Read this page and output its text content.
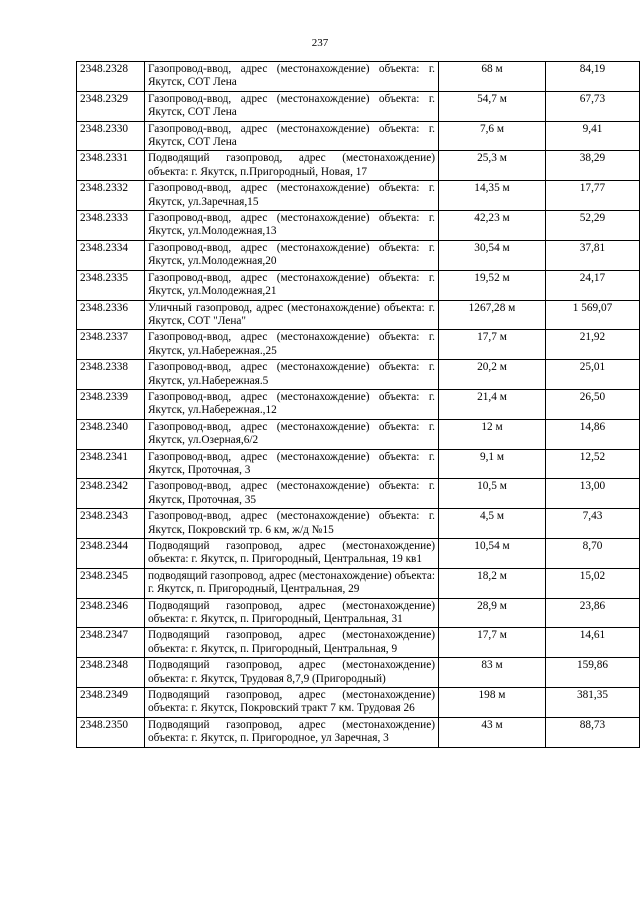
237
2348.2328	Газопровод-ввод, адрес (местонахождение) объекта: г. Якутск, СОТ Лена	68 м	84,19
2348.2329	Газопровод-ввод, адрес (местонахождение) объекта: г. Якутск, СОТ Лена	54,7 м	67,73
2348.2330	Газопровод-ввод, адрес (местонахождение) объекта: г. Якутск, СОТ Лена	7,6 м	9,41
2348.2331	Подводящий газопровод, адрес (местонахождение) объекта: г. Якутск, п.Пригородный, Новая, 17	25,3 м	38,29
2348.2332	Газопровод-ввод, адрес (местонахождение) объекта: г. Якутск, ул.Заречная,15	14,35 м	17,77
2348.2333	Газопровод-ввод, адрес (местонахождение) объекта: г. Якутск, ул.Молодежная,13	42,23 м	52,29
2348.2334	Газопровод-ввод, адрес (местонахождение) объекта: г. Якутск, ул.Молодежная,20	30,54 м	37,81
2348.2335	Газопровод-ввод, адрес (местонахождение) объекта: г. Якутск, ул.Молодежная,21	19,52 м	24,17
2348.2336	Уличный газопровод, адрес (местонахождение) объекта: г. Якутск, СОТ "Лена"	1267,28 м	1 569,07
2348.2337	Газопровод-ввод, адрес (местонахождение) объекта: г. Якутск, ул.Набережная.,25	17,7 м	21,92
2348.2338	Газопровод-ввод, адрес (местонахождение) объекта: г. Якутск, ул.Набережная.5	20,2 м	25,01
2348.2339	Газопровод-ввод, адрес (местонахождение) объекта: г. Якутск, ул.Набережная.,12	21,4 м	26,50
2348.2340	Газопровод-ввод, адрес (местонахождение) объекта: г. Якутск, ул.Озерная,6/2	12 м	14,86
2348.2341	Газопровод-ввод, адрес (местонахождение) объекта: г. Якутск, Проточная, 3	9,1 м	12,52
2348.2342	Газопровод-ввод, адрес (местонахождение) объекта: г. Якутск, Проточная, 35	10,5 м	13,00
2348.2343	Газопровод-ввод, адрес (местонахождение) объекта: г. Якутск, Покровский тр. 6 км, ж/д №15	4,5 м	7,43
2348.2344	Подводящий газопровод, адрес (местонахождение) объекта: г. Якутск, п. Пригородный, Центральная, 19 кв1	10,54 м	8,70
2348.2345	подводящий газопровод, адрес (местонахождение) объекта: г. Якутск, п. Пригородный, Центральная, 29	18,2 м	15,02
2348.2346	Подводящий газопровод, адрес (местонахождение) объекта: г. Якутск, п. Пригородный, Центральная, 31	28,9 м	23,86
2348.2347	Подводящий газопровод, адрес (местонахождение) объекта: г. Якутск, п. Пригородный, Центральная, 9	17,7 м	14,61
2348.2348	Подводящий газопровод, адрес (местонахождение) объекта: г. Якутск, Трудовая 8,7,9 (Пригородный)	83 м	159,86
2348.2349	Подводящий газопровод, адрес (местонахождение) объекта: г. Якутск, Покровский тракт 7 км. Трудовая 26	198 м	381,35
2348.2350	Подводящий газопровод, адрес (местонахождение) объекта: г. Якутск, п. Пригородное, ул Заречная, 3	43 м	88,73
